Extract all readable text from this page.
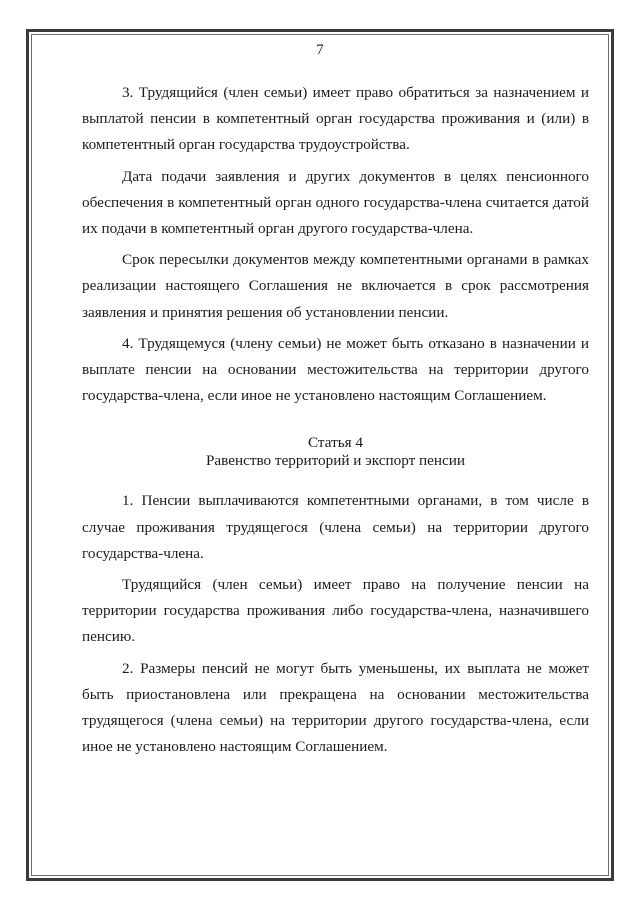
7

3. Трудящийся (член семьи) имеет право обратиться за назначением и выплатой пенсии в компетентный орган государства проживания и (или) в компетентный орган государства трудоустройства.

Дата подачи заявления и других документов в целях пенсионного обеспечения в компетентный орган одного государства-члена считается датой их подачи в компетентный орган другого государства-члена.

Срок пересылки документов между компетентными органами в рамках реализации настоящего Соглашения не включается в срок рассмотрения заявления и принятия решения об установлении пенсии.

4. Трудящемуся (члену семьи) не может быть отказано в назначении и выплате пенсии на основании местожительства на территории другого государства-члена, если иное не установлено настоящим Соглашением.

Статья 4
Равенство территорий и экспорт пенсии

1. Пенсии выплачиваются компетентными органами, в том числе в случае проживания трудящегося (члена семьи) на территории другого государства-члена.

Трудящийся (член семьи) имеет право на получение пенсии на территории государства проживания либо государства-члена, назначившего пенсию.

2. Размеры пенсий не могут быть уменьшены, их выплата не может быть приостановлена или прекращена на основании местожительства трудящегося (члена семьи) на территории другого государства-члена, если иное не установлено настоящим Соглашением.
